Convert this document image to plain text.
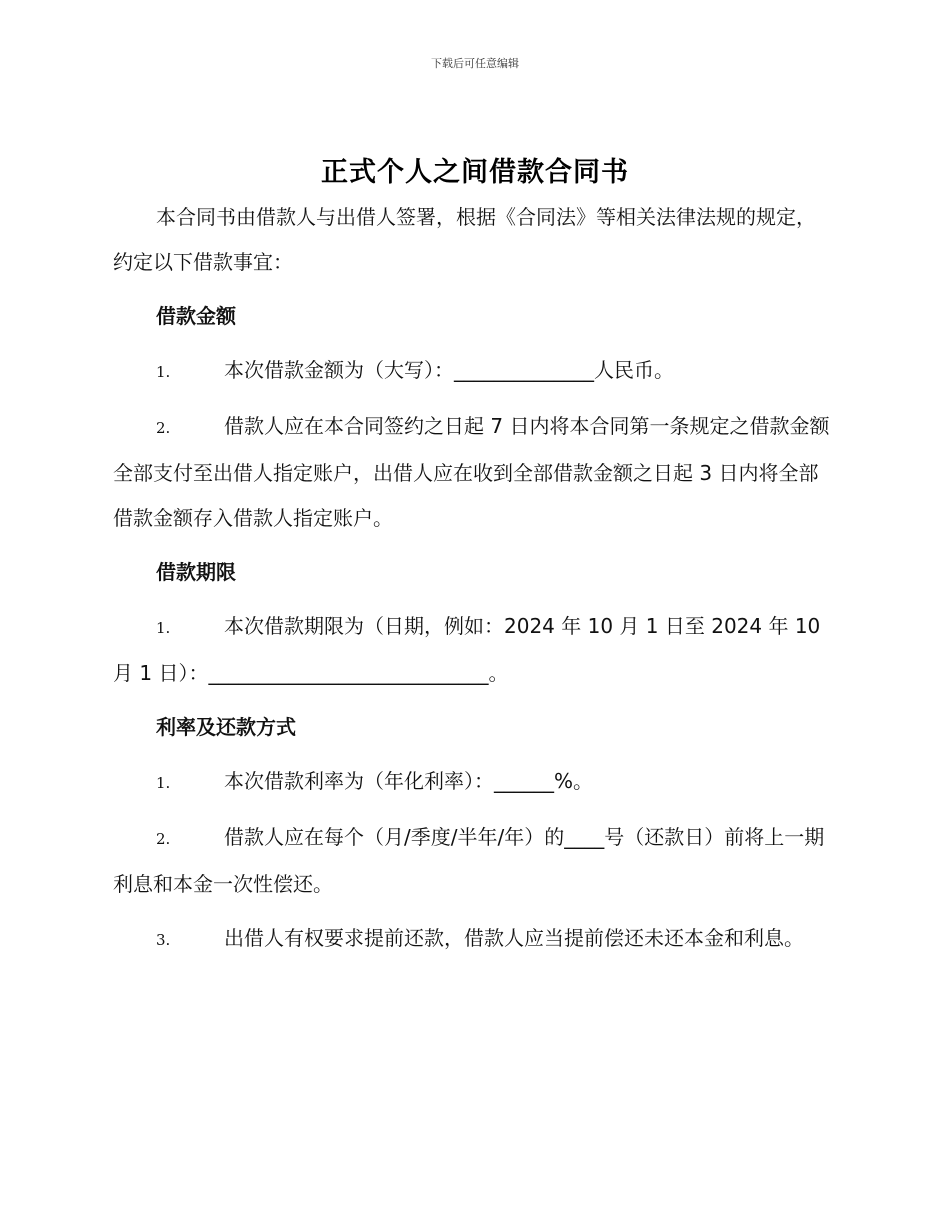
下载后可任意编辑
正式个人之间借款合同书

本合同书由借款人与出借人签署，根据《合同法》等相关法律法规的规定，约定以下借款事宜：

借款金额

1.	本次借款金额为（大写）：______________人民币。

2.	借款人应在本合同签约之日起 7 日内将本合同第一条规定之借款金额全部支付至出借人指定账户，出借人应在收到全部借款金额之日起 3 日内将全部借款金额存入借款人指定账户。

借款期限

1.	本次借款期限为（日期，例如：2024 年 10 月 1 日至 2024 年 10 月 1 日）：____________________________。

利率及还款方式

1.	本次借款利率为（年化利率）：______%。

2.	借款人应在每个（月/季度/半年/年）的____号（还款日）前将上一期利息和本金一次性偿还。

3.	出借人有权要求提前还款，借款人应当提前偿还未还本金和利息。
